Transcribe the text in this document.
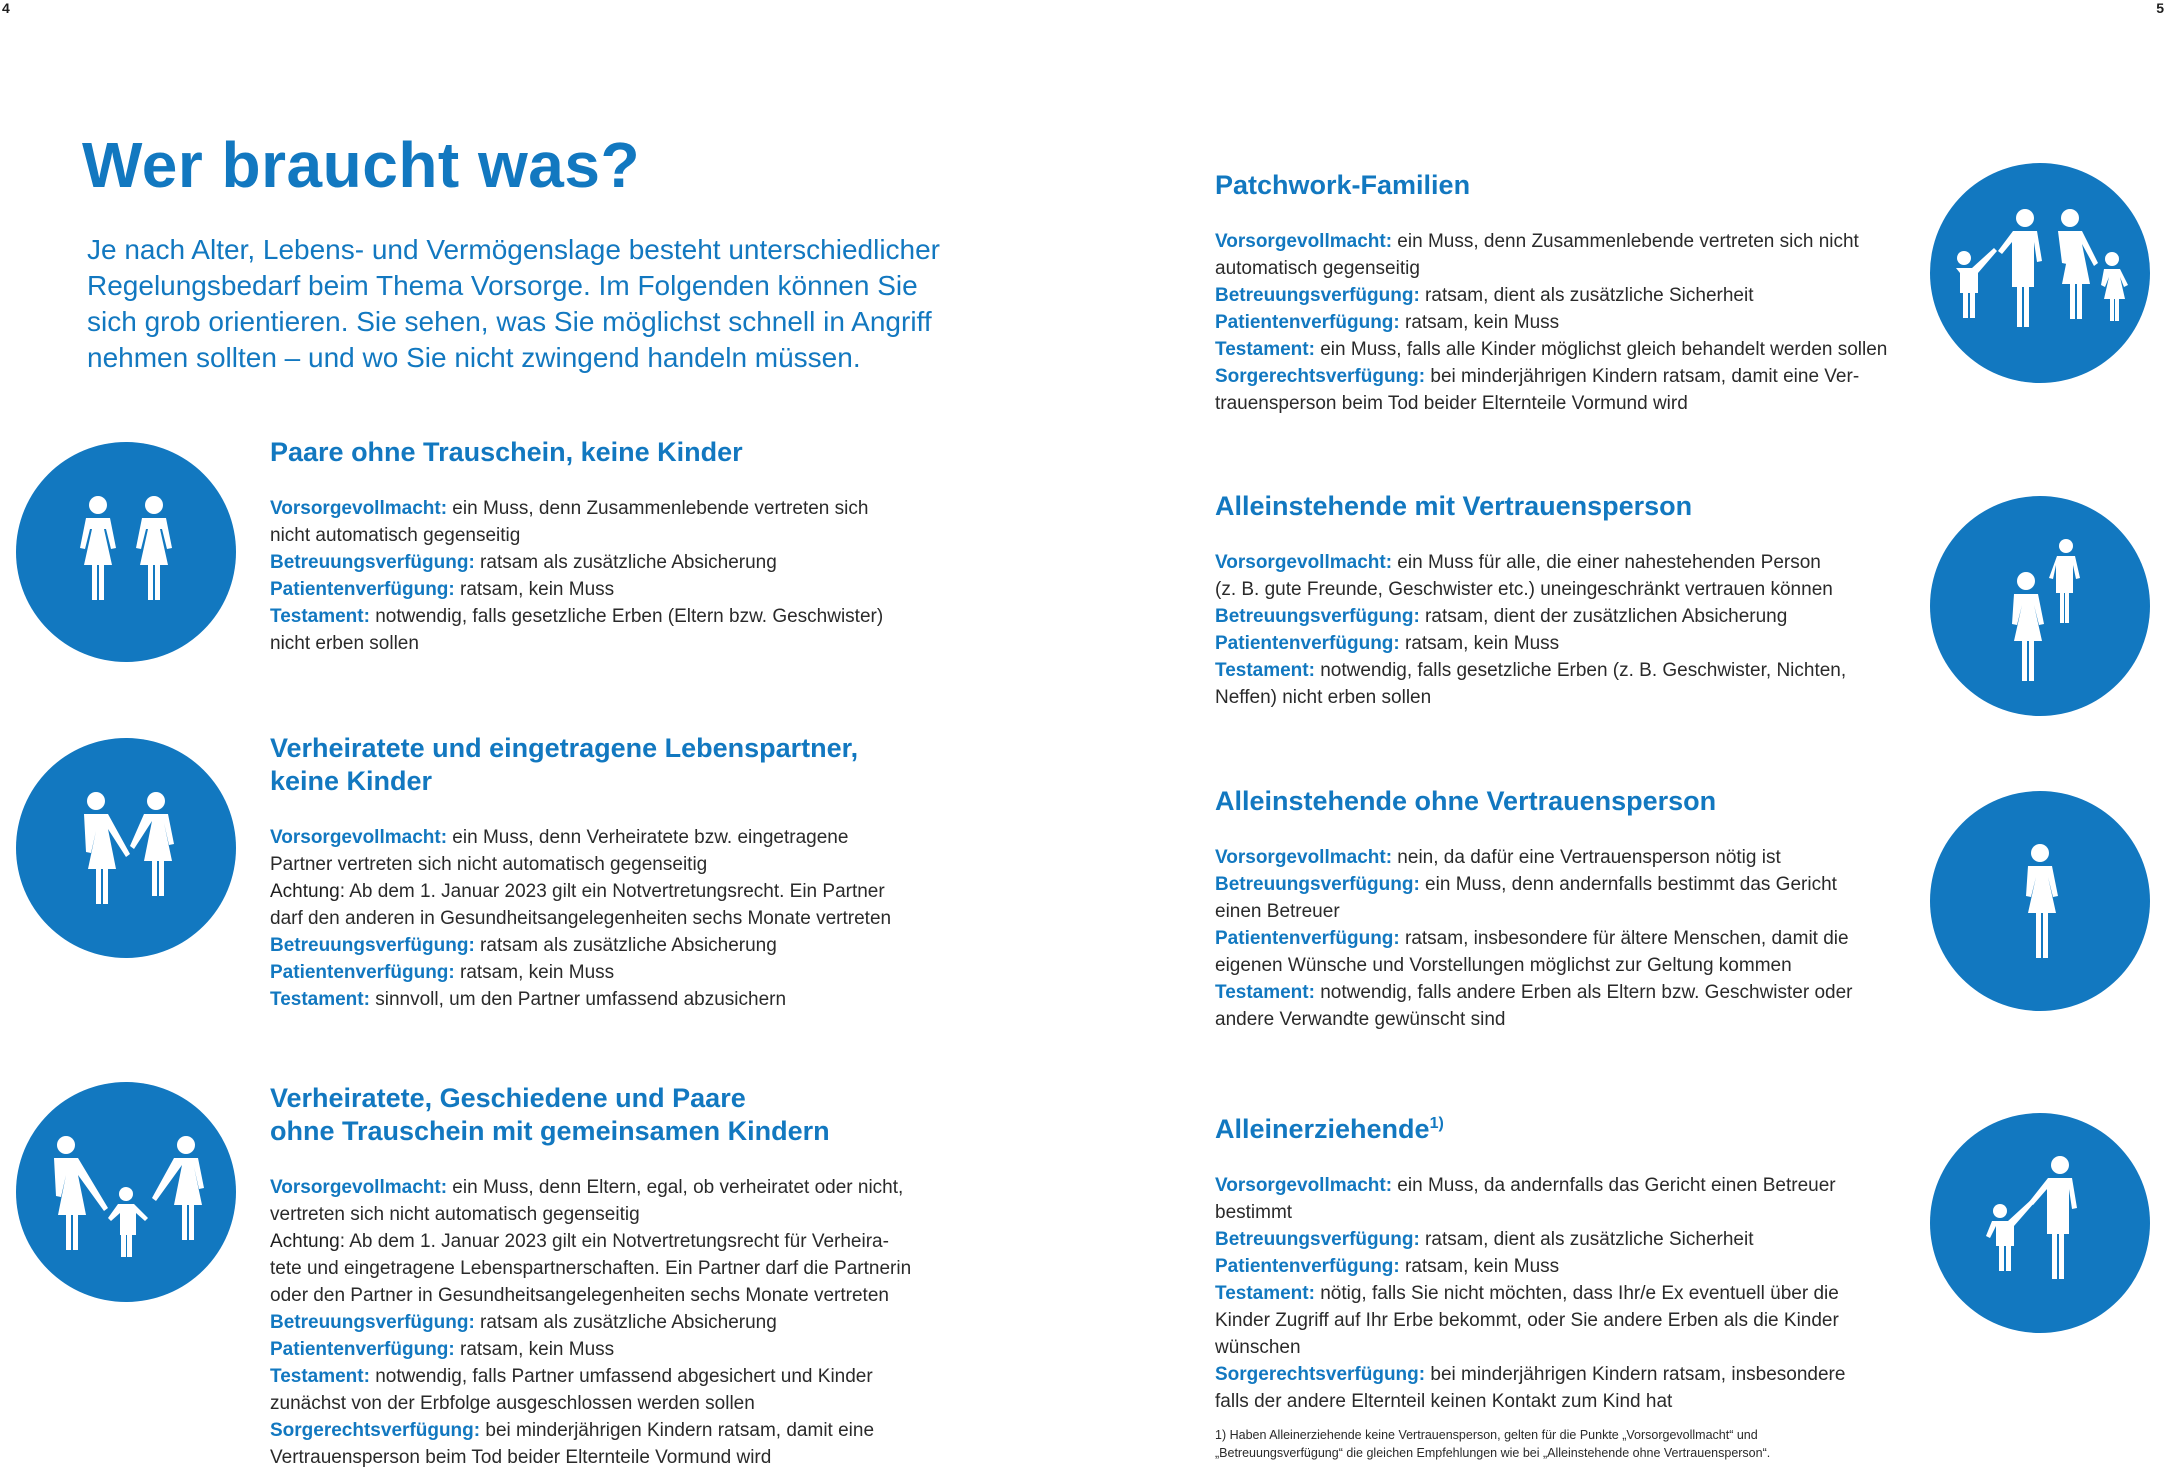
4	5
Wer braucht was?
Je nach Alter, Lebens- und Vermögenslage besteht unterschiedlicher
Regelungsbedarf beim Thema Vorsorge. Im Folgenden können Sie
sich grob orientieren. Sie sehen, was Sie möglichst schnell in Angriff
nehmen sollten – und wo Sie nicht zwingend handeln müssen.
Paare ohne Trauschein, keine Kinder
Vorsorgevollmacht: ein Muss, denn Zusammenlebende vertreten sich
nicht automatisch gegenseitig
Betreuungsverfügung: ratsam als zusätzliche Absicherung
Patientenverfügung: ratsam, kein Muss
Testament: notwendig, falls gesetzliche Erben (Eltern bzw. Geschwister)
nicht erben sollen
Verheiratete und eingetragene Lebenspartner,
keine Kinder
Vorsorgevollmacht: ein Muss, denn Verheiratete bzw. eingetragene
Partner vertreten sich nicht automatisch gegenseitig
Achtung: Ab dem 1. Januar 2023 gilt ein Notvertretungsrecht. Ein Partner
darf den anderen in Gesundheitsangelegenheiten sechs Monate vertreten
Betreuungsverfügung: ratsam als zusätzliche Absicherung
Patientenverfügung: ratsam, kein Muss
Testament: sinnvoll, um den Partner umfassend abzusichern
Verheiratete, Geschiedene und Paare
ohne Trauschein mit gemeinsamen Kindern
Vorsorgevollmacht: ein Muss, denn Eltern, egal, ob verheiratet oder nicht,
vertreten sich nicht automatisch gegenseitig
Achtung: Ab dem 1. Januar 2023 gilt ein Notvertretungsrecht für Verheira-
tete und eingetragene Lebenspartnerschaften. Ein Partner darf die Partnerin
oder den Partner in Gesundheitsangelegenheiten sechs Monate vertreten
Betreuungsverfügung: ratsam als zusätzliche Absicherung
Patientenverfügung: ratsam, kein Muss
Testament: notwendig, falls Partner umfassend abgesichert und Kinder
zunächst von der Erbfolge ausgeschlossen werden sollen
Sorgerechtsverfügung: bei minderjährigen Kindern ratsam, damit eine
Vertrauensperson beim Tod beider Elternteile Vormund wird
Patchwork-Familien
Vorsorgevollmacht: ein Muss, denn Zusammenlebende vertreten sich nicht
automatisch gegenseitig
Betreuungsverfügung: ratsam, dient als zusätzliche Sicherheit
Patientenverfügung: ratsam, kein Muss
Testament: ein Muss, falls alle Kinder möglichst gleich behandelt werden sollen
Sorgerechtsverfügung: bei minderjährigen Kindern ratsam, damit eine Ver-
trauensperson beim Tod beider Elternteile Vormund wird
Alleinstehende mit Vertrauensperson
Vorsorgevollmacht: ein Muss für alle, die einer nahestehenden Person
(z. B. gute Freunde, Geschwister etc.) uneingeschränkt vertrauen können
Betreuungsverfügung: ratsam, dient der zusätzlichen Absicherung
Patientenverfügung: ratsam, kein Muss
Testament: notwendig, falls gesetzliche Erben (z. B. Geschwister, Nichten,
Neffen) nicht erben sollen
Alleinstehende ohne Vertrauensperson
Vorsorgevollmacht: nein, da dafür eine Vertrauensperson nötig ist
Betreuungsverfügung: ein Muss, denn andernfalls bestimmt das Gericht
einen Betreuer
Patientenverfügung: ratsam, insbesondere für ältere Menschen, damit die
eigenen Wünsche und Vorstellungen möglichst zur Geltung kommen
Testament: notwendig, falls andere Erben als Eltern bzw. Geschwister oder
andere Verwandte gewünscht sind
Alleinerziehende$^{1)}$
Vorsorgevollmacht: ein Muss, da andernfalls das Gericht einen Betreuer
bestimmt
Betreuungsverfügung: ratsam, dient als zusätzliche Sicherheit
Patientenverfügung: ratsam, kein Muss
Testament: nötig, falls Sie nicht möchten, dass Ihr/e Ex eventuell über die
Kinder Zugriff auf Ihr Erbe bekommt, oder Sie andere Erben als die Kinder
wünschen
Sorgerechtsverfügung: bei minderjährigen Kindern ratsam, insbesondere
falls der andere Elternteil keinen Kontakt zum Kind hat
1) Haben Alleinerziehende keine Vertrauensperson, gelten für die Punkte „Vorsorgevollmacht“ und
„Betreuungsverfügung“ die gleichen Empfehlungen wie bei „Alleinstehende ohne Vertrauensperson“.
